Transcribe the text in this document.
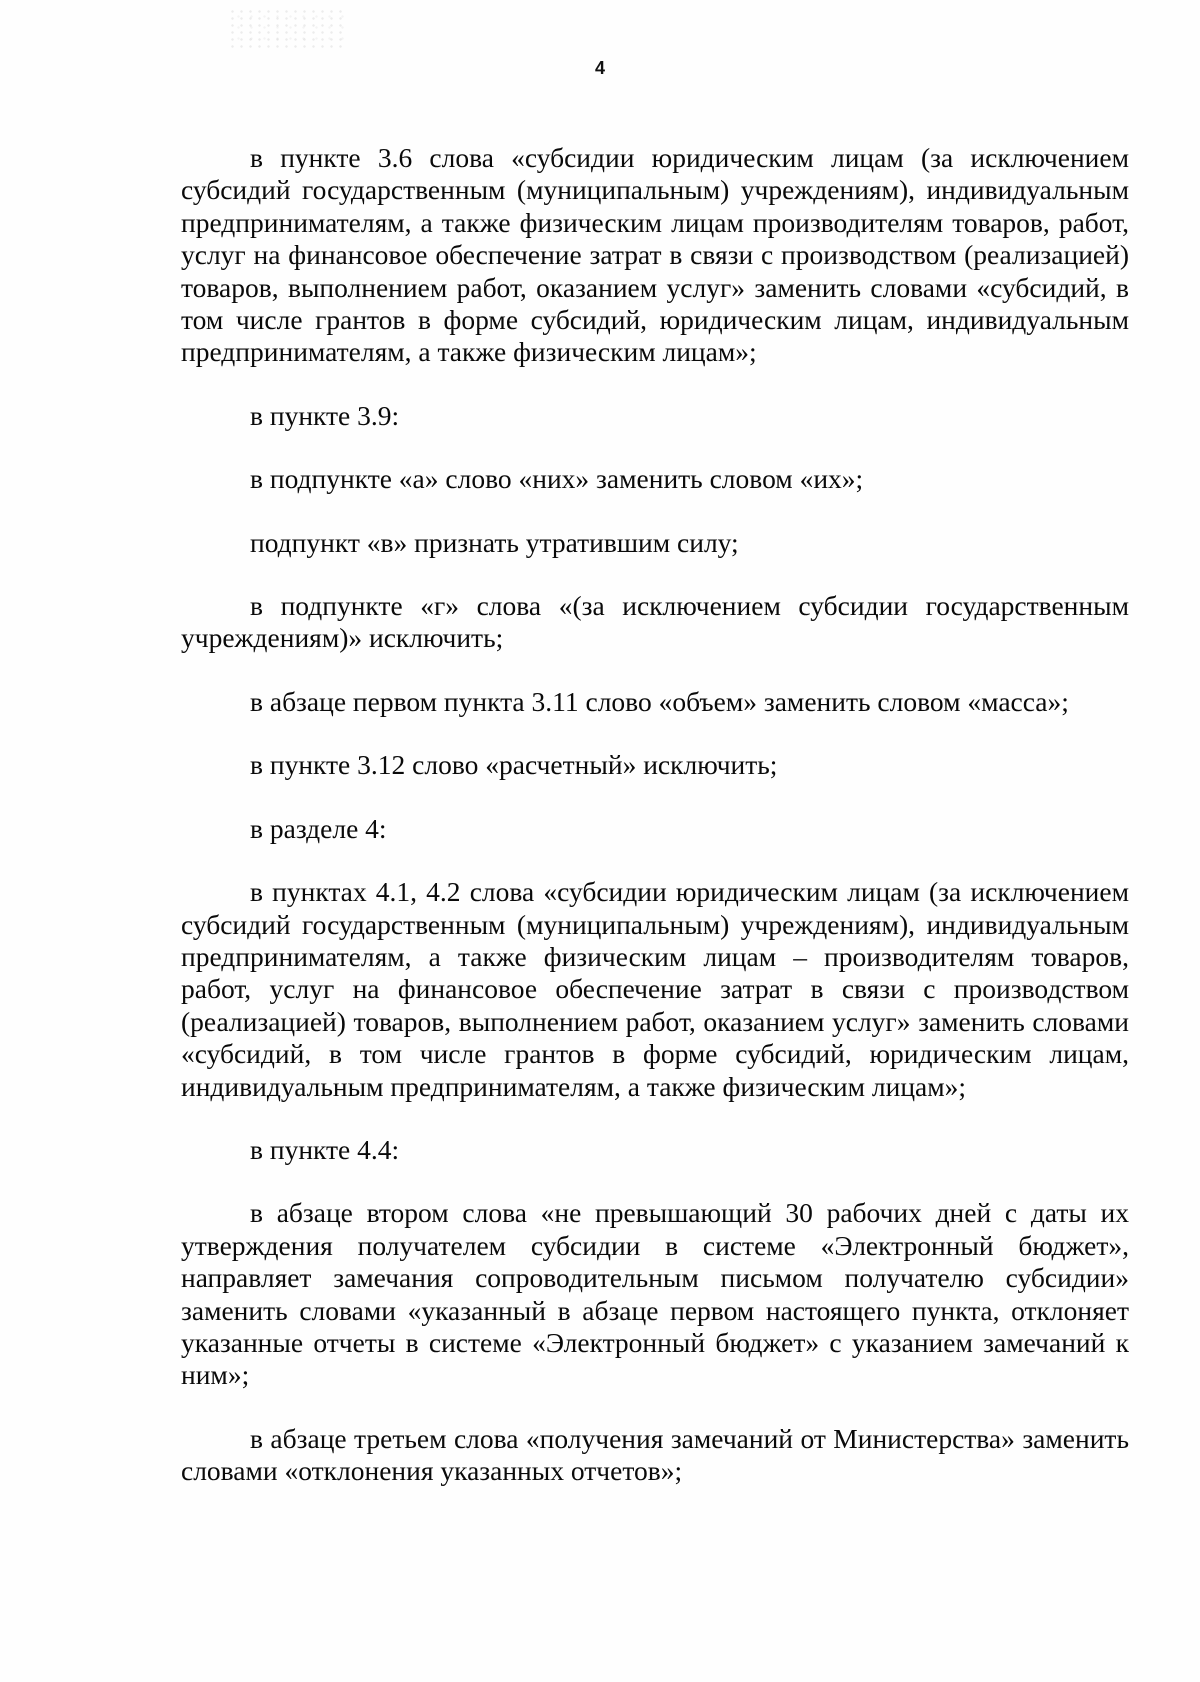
4

в пункте 3.6 слова «субсидии юридическим лицам (за исключением субсидий государственным (муниципальным) учреждениям), индивидуальным предпринимателям, а также физическим лицам производителям товаров, работ, услуг на финансовое обеспечение затрат в связи с производством (реализацией) товаров, выполнением работ, оказанием услуг» заменить словами «субсидий, в том числе грантов в форме субсидий, юридическим лицам, индивидуальным предпринимателям, а также физическим лицам»;

в пункте 3.9:

в подпункте «а» слово «них» заменить словом «их»;

подпункт «в» признать утратившим силу;

в подпункте «г» слова «(за исключением субсидии государственным учреждениям)» исключить;

в абзаце первом пункта 3.11 слово «объем» заменить словом «масса»;

в пункте 3.12 слово «расчетный» исключить;

в разделе 4:

в пунктах 4.1, 4.2 слова «субсидии юридическим лицам (за исключением субсидий государственным (муниципальным) учреждениям), индивидуальным предпринимателям, а также физическим лицам – производителям товаров, работ, услуг на финансовое обеспечение затрат в связи с производством (реализацией) товаров, выполнением работ, оказанием услуг» заменить словами «субсидий, в том числе грантов в форме субсидий, юридическим лицам, индивидуальным предпринимателям, а также физическим лицам»;

в пункте 4.4:

в абзаце втором слова «не превышающий 30 рабочих дней с даты их утверждения получателем субсидии в системе «Электронный бюджет», направляет замечания сопроводительным письмом получателю субсидии» заменить словами «указанный в абзаце первом настоящего пункта, отклоняет указанные отчеты в системе «Электронный бюджет» с указанием замечаний к ним»;

в абзаце третьем слова «получения замечаний от Министерства» заменить словами «отклонения указанных отчетов»;
